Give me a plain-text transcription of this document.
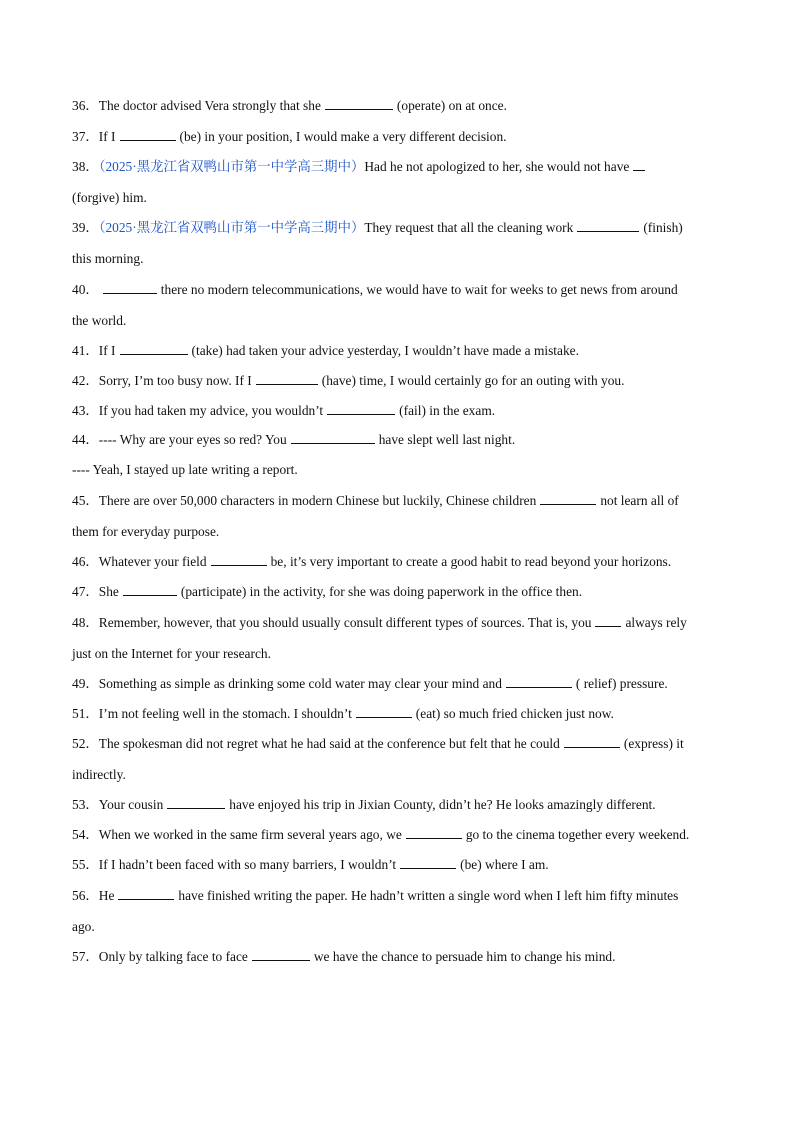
36．The doctor advised Vera strongly that she	(operate) on at once.

37．If I	(be) in your position, I would make a very different decision.

38．（2025·黑龙江省双鸭山市第一中学高三期中）Had he not apologized to her, she would not have

(forgive) him.

39．（2025·黑龙江省双鸭山市第一中学高三期中）They request that all the cleaning work	(finish)

this morning.

40．	there no modern telecommunications, we would have to wait for weeks to get news from around

the world.

41．If I	(take) had taken your advice yesterday, I wouldn’t have made a mistake.

42．Sorry, I’m too busy now. If I	(have) time, I would certainly go for an outing with you.

43．If you had taken my advice, you wouldn’t	(fail) in the exam.

44．---- Why are your eyes so red? You	have slept well last night.

---- Yeah, I stayed up late writing a report.

45．There are over 50,000 characters in modern Chinese but luckily, Chinese children	not learn all of

them for everyday purpose.

46．Whatever your field	be, it’s very important to create a good habit to read beyond your horizons.

47．She	(participate) in the activity, for she was doing paperwork in the office then.

48．Remember, however, that you should usually consult different types of sources. That is, you	always rely

just on the Internet for your research.

49．Something as simple as drinking some cold water may clear your mind and	( relief) pressure.

51．I’m not feeling well in the stomach. I shouldn’t	(eat) so much fried chicken just now.

52．The spokesman did not regret what he had said at the conference but felt that he could	(express) it

indirectly.

53．Your cousin	have enjoyed his trip in Jixian County, didn’t he? He looks amazingly different.

54．When we worked in the same firm several years ago, we	go to the cinema together every weekend.

55．If I hadn’t been faced with so many barriers, I wouldn’t	(be) where I am.

56．He	have finished writing the paper. He hadn’t written a single word when I left him fifty minutes

ago.

57．Only by talking face to face	we have the chance to persuade him to change his mind.
